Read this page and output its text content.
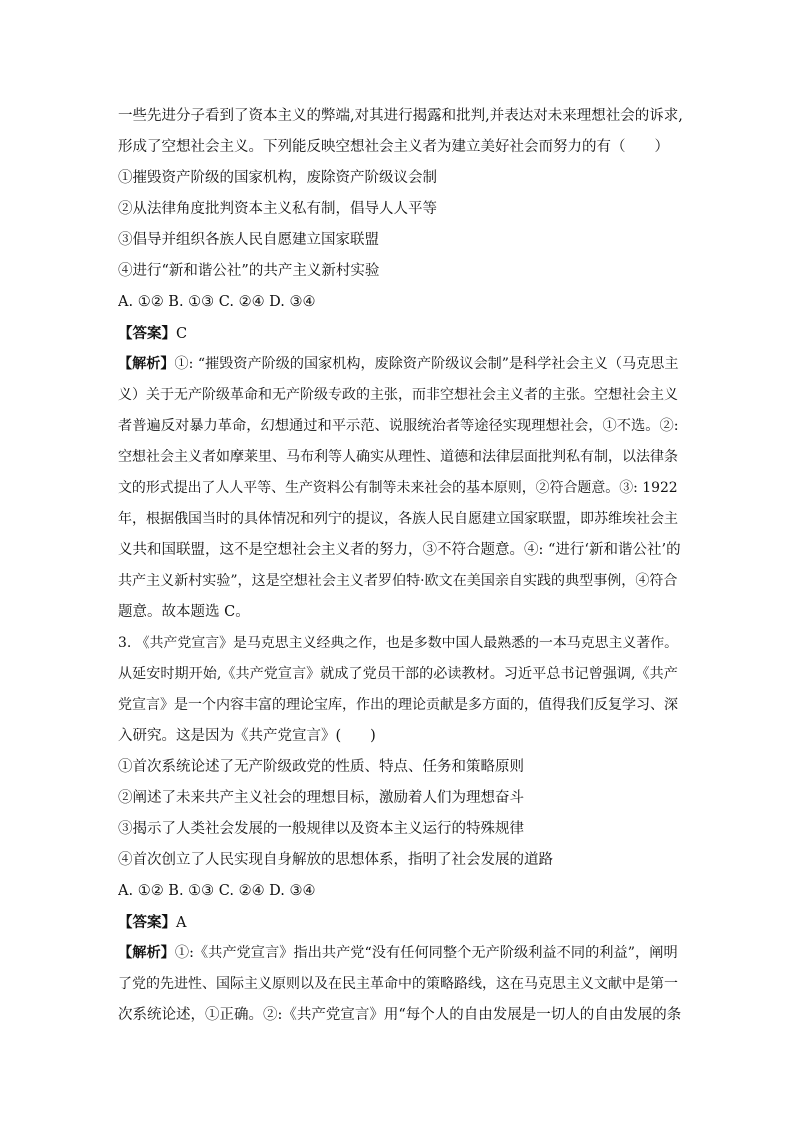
一些先进分子看到了资本主义的弊端,对其进行揭露和批判,并表达对未来理想社会的诉求,
形成了空想社会主义。下列能反映空想社会主义者为建立美好社会而努力的有（　　）
①摧毁资产阶级的国家机构，废除资产阶级议会制
②从法律角度批判资本主义私有制，倡导人人平等
③倡导并组织各族人民自愿建立国家联盟
④进行“新和谐公社”的共产主义新村实验
A. ①② B. ①③ C. ②④ D. ③④
【答案】C
【解析】①: “摧毁资产阶级的国家机构，废除资产阶级议会制”是科学社会主义（马克思主
义）关于无产阶级革命和无产阶级专政的主张，而非空想社会主义者的主张。空想社会主义
者普遍反对暴力革命，幻想通过和平示范、说服统治者等途径实现理想社会，①不选。②:
空想社会主义者如摩莱里、马布利等人确实从理性、道德和法律层面批判私有制，以法律条
文的形式提出了人人平等、生产资料公有制等未来社会的基本原则，②符合题意。③: 1922
年，根据俄国当时的具体情况和列宁的提议，各族人民自愿建立国家联盟，即苏维埃社会主
义共和国联盟，这不是空想社会主义者的努力，③不符合题意。④: “进行‘新和谐公社’的
共产主义新村实验”，这是空想社会主义者罗伯特·欧文在美国亲自实践的典型事例，④符合
题意。故本题选 C。
3. 《共产党宣言》是马克思主义经典之作，也是多数中国人最熟悉的一本马克思主义著作。
从延安时期开始,《共产党宣言》就成了党员干部的必读教材。习近平总书记曾强调,《共产
党宣言》是一个内容丰富的理论宝库，作出的理论贡献是多方面的，值得我们反复学习、深
入研究。这是因为《共产党宣言》(　　)
①首次系统论述了无产阶级政党的性质、特点、任务和策略原则
②阐述了未来共产主义社会的理想目标，激励着人们为理想奋斗
③揭示了人类社会发展的一般规律以及资本主义运行的特殊规律
④首次创立了人民实现自身解放的思想体系，指明了社会发展的道路
A. ①② B. ①③ C. ②④ D. ③④
【答案】A
【解析】①:《共产党宣言》指出共产党“没有任何同整个无产阶级利益不同的利益”，阐明
了党的先进性、国际主义原则以及在民主革命中的策略路线，这在马克思主义文献中是第一
次系统论述，①正确。②:《共产党宣言》用“每个人的自由发展是一切人的自由发展的条
